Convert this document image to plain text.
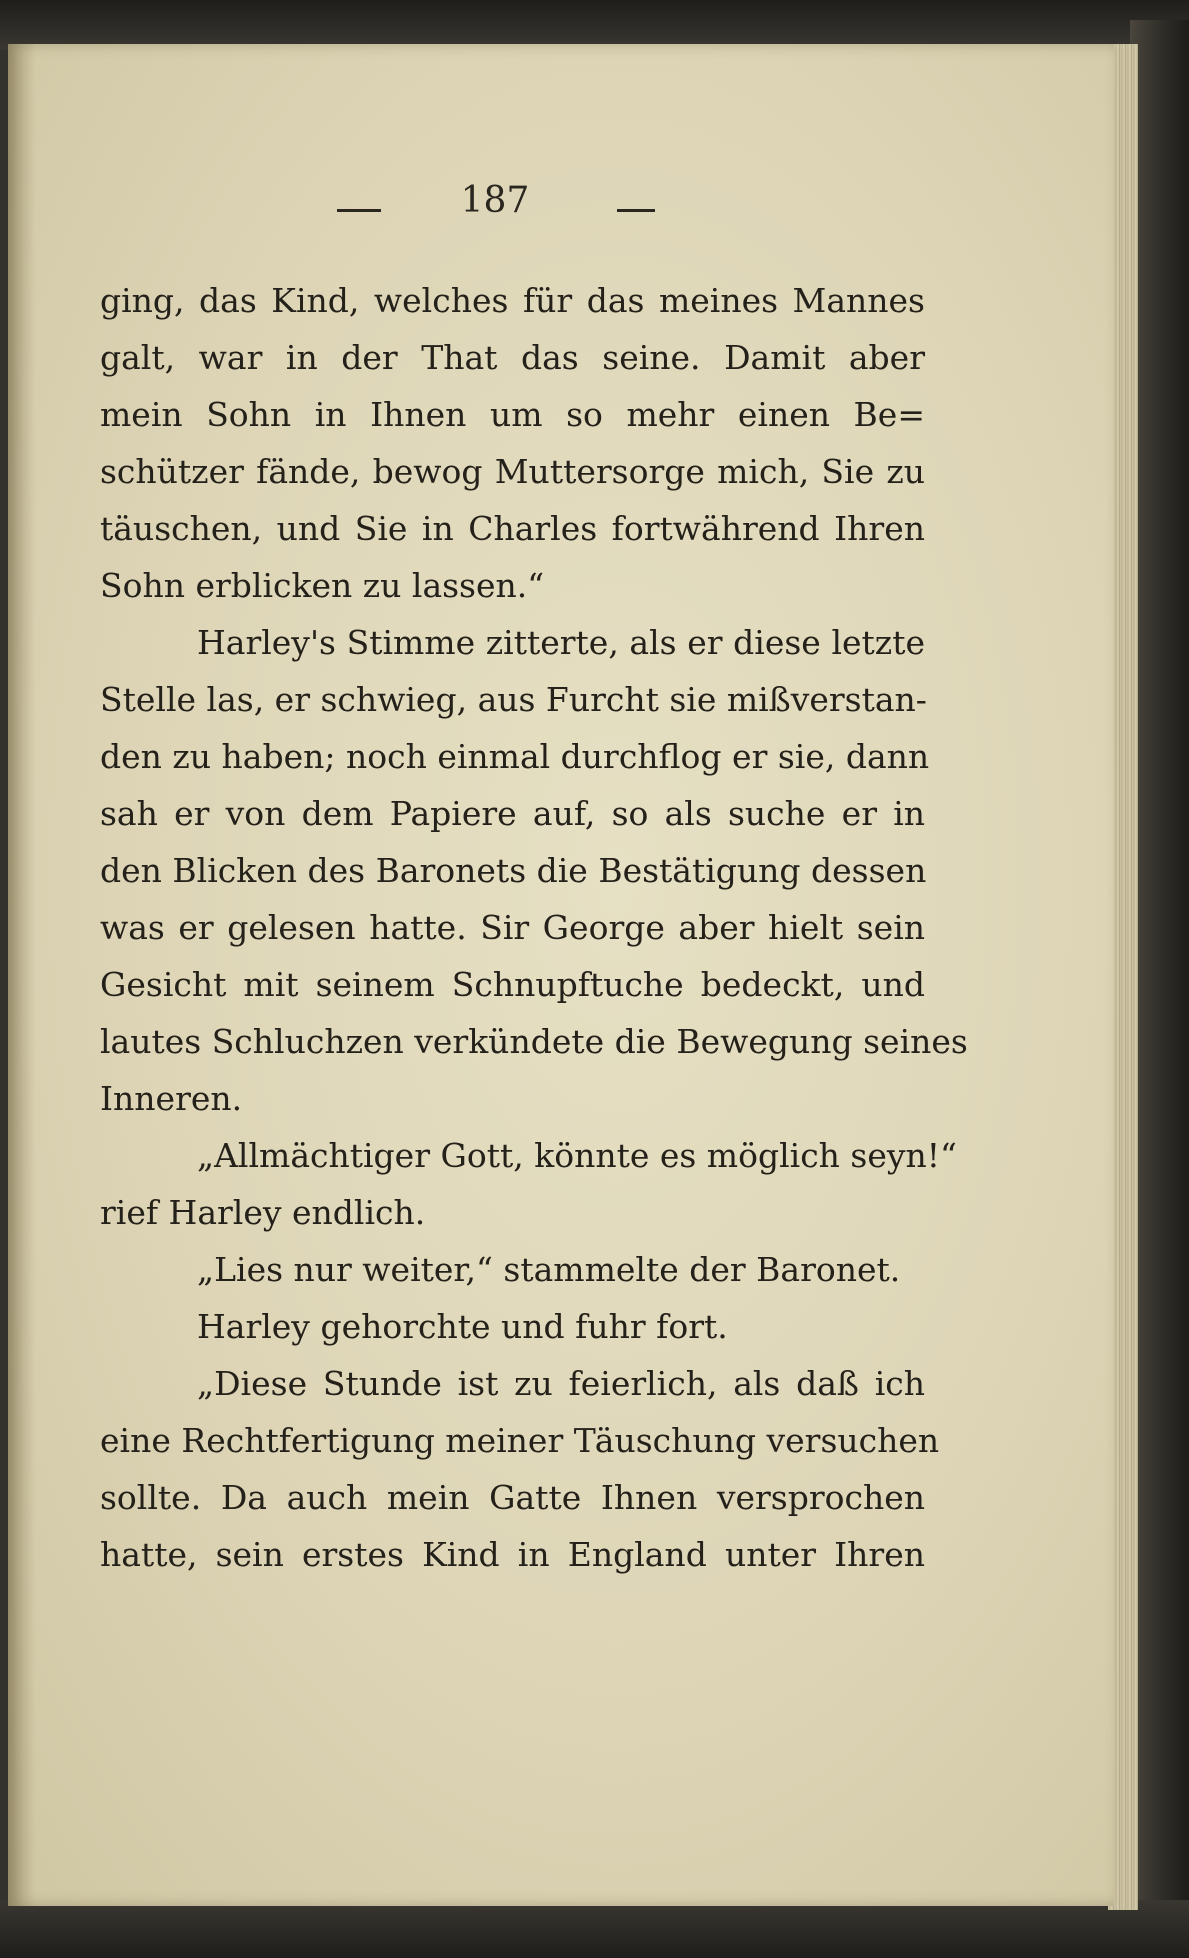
187
ging, das Kind, welches für das meines Mannes
galt, war in der That das seine. Damit aber
mein Sohn in Ihnen um so mehr einen Be=
schützer fände, bewog Muttersorge mich, Sie zu
täuschen, und Sie in Charles fortwährend Ihren
Sohn erblicken zu lassen.“
Harley's Stimme zitterte, als er diese letzte
Stelle las, er schwieg, aus Furcht sie mißverstan-
den zu haben; noch einmal durchflog er sie, dann
sah er von dem Papiere auf, so als suche er in
den Blicken des Baronets die Bestätigung dessen
was er gelesen hatte. Sir George aber hielt sein
Gesicht mit seinem Schnupftuche bedeckt, und
lautes Schluchzen verkündete die Bewegung seines
Inneren.
„Allmächtiger Gott, könnte es möglich seyn!“
rief Harley endlich.
„Lies nur weiter,“ stammelte der Baronet.
Harley gehorchte und fuhr fort.
„Diese Stunde ist zu feierlich, als daß ich
eine Rechtfertigung meiner Täuschung versuchen
sollte. Da auch mein Gatte Ihnen versprochen
hatte, sein erstes Kind in England unter Ihren
